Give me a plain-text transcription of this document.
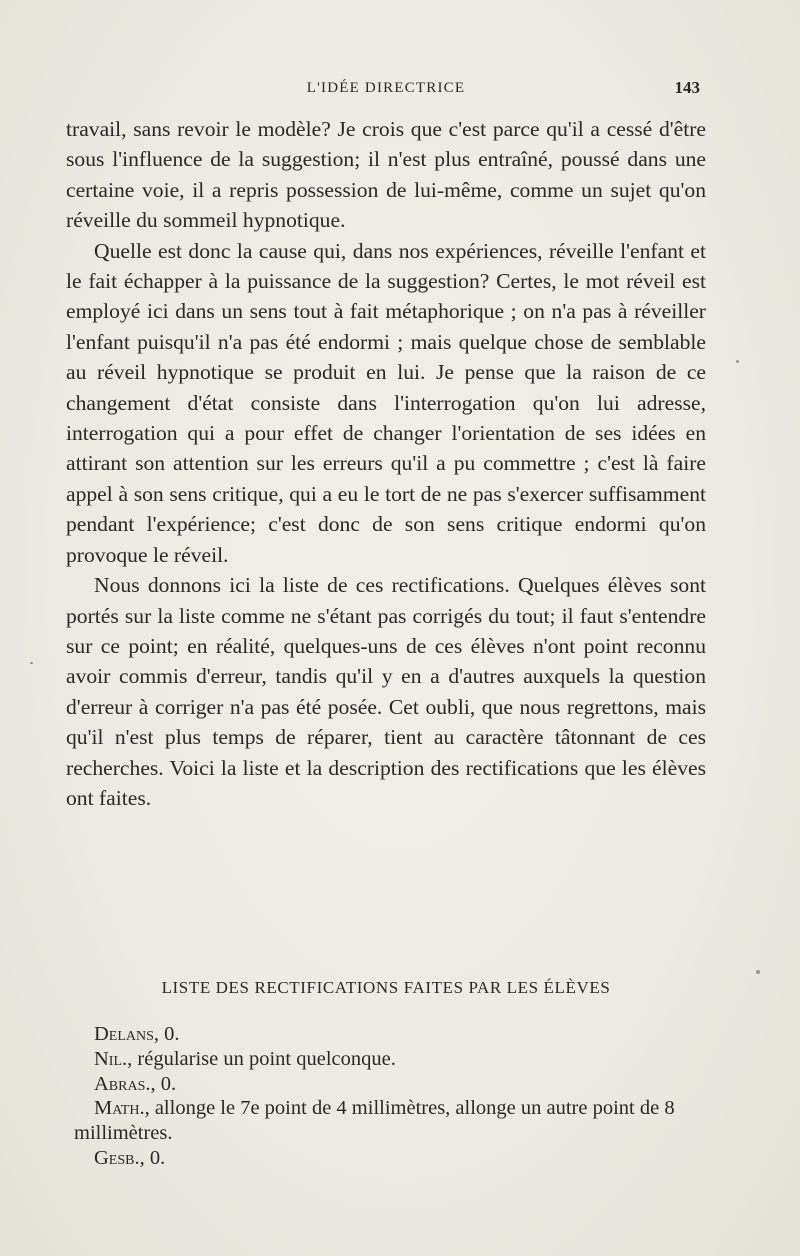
L'IDÉE DIRECTRICE	143

travail, sans revoir le modèle? Je crois que c'est parce qu'il a cessé d'être sous l'influence de la suggestion; il n'est plus entraîné, poussé dans une certaine voie, il a repris possession de lui-même, comme un sujet qu'on réveille du sommeil hypnotique.

Quelle est donc la cause qui, dans nos expériences, réveille l'enfant et le fait échapper à la puissance de la suggestion? Certes, le mot réveil est employé ici dans un sens tout à fait métaphorique ; on n'a pas à réveiller l'enfant puisqu'il n'a pas été endormi ; mais quelque chose de semblable au réveil hypnotique se produit en lui. Je pense que la raison de ce changement d'état consiste dans l'interrogation qu'on lui adresse, interrogation qui a pour effet de changer l'orientation de ses idées en attirant son attention sur les erreurs qu'il a pu commettre ; c'est là faire appel à son sens critique, qui a eu le tort de ne pas s'exercer suffisamment pendant l'expérience; c'est donc de son sens critique endormi qu'on provoque le réveil.

Nous donnons ici la liste de ces rectifications. Quelques élèves sont portés sur la liste comme ne s'étant pas corrigés du tout; il faut s'entendre sur ce point; en réalité, quelques-uns de ces élèves n'ont point reconnu avoir commis d'erreur, tandis qu'il y en a d'autres auxquels la question d'erreur à corriger n'a pas été posée. Cet oubli, que nous regrettons, mais qu'il n'est plus temps de réparer, tient au caractère tâtonnant de ces recherches. Voici la liste et la description des rectifications que les élèves ont faites.

LISTE DES RECTIFICATIONS FAITES PAR LES ÉLÈVES

Delans, 0.

Nil., régularise un point quelconque.

Abras., 0.

Math., allonge le 7e point de 4 millimètres, allonge un autre point de 8 millimètres.

Gesb., 0.
